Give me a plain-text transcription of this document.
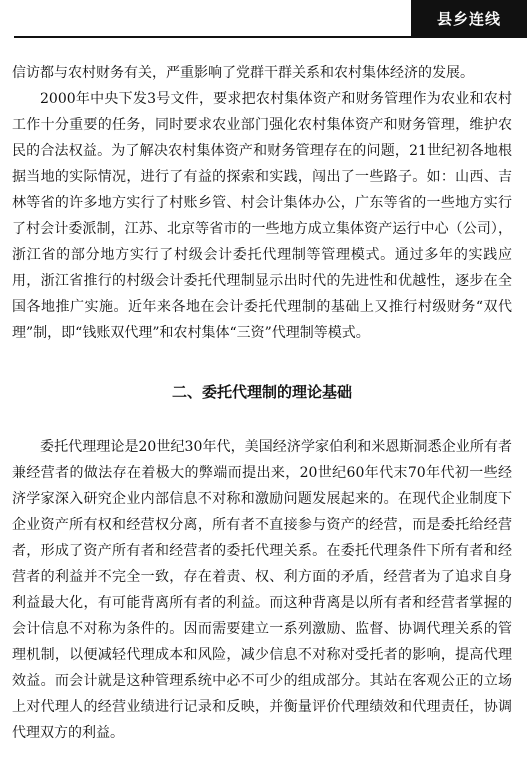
县乡连线

信访都与农村财务有关，严重影响了党群干群关系和农村集体经济的发展。

2000年中央下发3号文件，要求把农村集体资产和财务管理作为农业和农村工作十分重要的任务，同时要求农业部门强化农村集体资产和财务管理，维护农民的合法权益。为了解决农村集体资产和财务管理存在的问题，21世纪初各地根据当地的实际情况，进行了有益的探索和实践，闯出了一些路子。如：山西、吉林等省的许多地方实行了村账乡管、村会计集体办公，广东等省的一些地方实行了村会计委派制，江苏、北京等省市的一些地方成立集体资产运行中心（公司），浙江省的部分地方实行了村级会计委托代理制等管理模式。通过多年的实践应用，浙江省推行的村级会计委托代理制显示出时代的先进性和优越性，逐步在全国各地推广实施。近年来各地在会计委托代理制的基础上又推行村级财务“双代理”制，即“钱账双代理”和农村集体“三资”代理制等模式。

二、委托代理制的理论基础

委托代理理论是20世纪30年代，美国经济学家伯利和米恩斯洞悉企业所有者兼经营者的做法存在着极大的弊端而提出来，20世纪60年代末70年代初一些经济学家深入研究企业内部信息不对称和激励问题发展起来的。在现代企业制度下企业资产所有权和经营权分离，所有者不直接参与资产的经营，而是委托给经营者，形成了资产所有者和经营者的委托代理关系。在委托代理条件下所有者和经营者的利益并不完全一致，存在着责、权、利方面的矛盾，经营者为了追求自身利益最大化，有可能背离所有者的利益。而这种背离是以所有者和经营者掌握的会计信息不对称为条件的。因而需要建立一系列激励、监督、协调代理关系的管理机制，以便减轻代理成本和风险，减少信息不对称对受托者的影响，提高代理效益。而会计就是这种管理系统中必不可少的组成部分。其站在客观公正的立场上对代理人的经营业绩进行记录和反映，并衡量评价代理绩效和代理责任，协调代理双方的利益。
